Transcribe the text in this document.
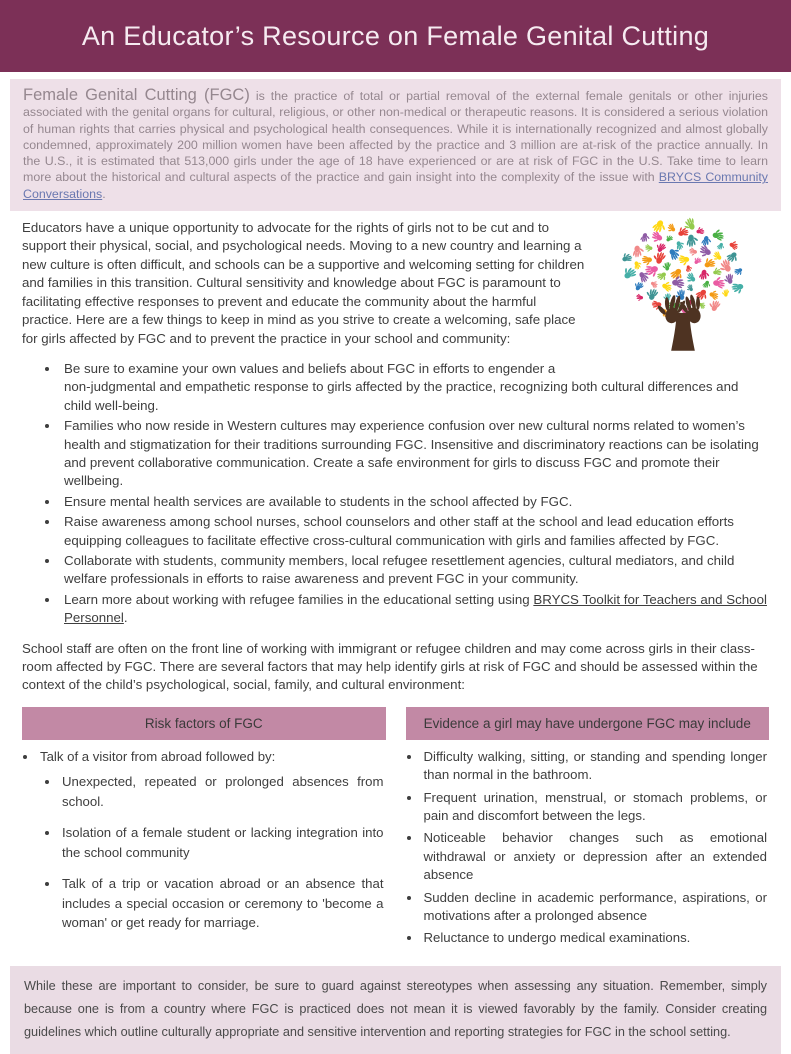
An Educator’s Resource on Female Genital Cutting
Female Genital Cutting (FGC) is the practice of total or partial removal of the external female genitals or other injuries associated with the genital organs for cultural, religious, or other non-medical or therapeutic reasons. It is considered a serious violation of human rights that carries physical and psychological health consequences. While it is internationally recognized and almost globally condemned, approximately 200 million women have been affected by the practice and 3 million are at-risk of the practice annually. In the U.S., it is estimated that 513,000 girls under the age of 18 have experienced or are at risk of FGC in the U.S. Take time to learn more about the historical and cultural aspects of the practice and gain insight into the complexity of the issue with BRYCS Community Conversations.

Educators have a unique opportunity to advocate for the rights of girls not to be cut and to support their physical, social, and psychological needs. Moving to a new country and learning a new culture is often difficult, and schools can be a supportive and welcoming setting for children and families in this transition. Cultural sensitivity and knowledge about FGC is paramount to facilitating effective responses to prevent and educate the community about the harmful practice. Here are a few things to keep in mind as you strive to create a welcoming, safe place for girls affected by FGC and to prevent the practice in your school and community:

• Be sure to examine your own values and beliefs about FGC in efforts to engender a non-judgmental and empathetic response to girls affected by the practice, recognizing both cultural differences and child well-being.
• Families who now reside in Western cultures may experience confusion over new cultural norms related to women’s health and stigmatization for their traditions surrounding FGC. Insensitive and discriminatory reactions can be isolating and prevent collaborative communication. Create a safe environment for girls to discuss FGC and promote their wellbeing.
• Ensure mental health services are available to students in the school affected by FGC.
• Raise awareness among school nurses, school counselors and other staff at the school and lead education efforts equipping colleagues to facilitate effective cross-cultural communication with girls and families affected by FGC.
• Collaborate with students, community members, local refugee resettlement agencies, cultural mediators, and child welfare professionals in efforts to raise awareness and prevent FGC in your community.
• Learn more about working with refugee families in the educational setting using BRYCS Toolkit for Teachers and School Personnel.

School staff are often on the front line of working with immigrant or refugee children and may come across girls in their class-room affected by FGC. There are several factors that may help identify girls at risk of FGC and should be assessed within the context of the child’s psychological, social, family, and cultural environment:

Risk factors of FGC
• Talk of a visitor from abroad followed by:
• Unexpected, repeated or prolonged absences from school.
• Isolation of a female student or lacking integration into the school community
• Talk of a trip or vacation abroad or an absence that includes a special occasion or ceremony to 'become a woman' or get ready for marriage.
Evidence a girl may have undergone FGC may include
• Difficulty walking, sitting, or standing and spending longer than normal in the bathroom.
• Frequent urination, menstrual, or stomach problems, or pain and discomfort between the legs.
• Noticeable behavior changes such as emotional withdrawal or anxiety or depression after an extended absence
• Sudden decline in academic performance, aspirations, or motivations after a prolonged absence
• Reluctance to undergo medical examinations.
While these are important to consider, be sure to guard against stereotypes when assessing any situation. Remember, simply because one is from a country where FGC is practiced does not mean it is viewed favorably by the family. Consider creating guidelines which outline culturally appropriate and sensitive intervention and reporting strategies for FGC in the school setting.
